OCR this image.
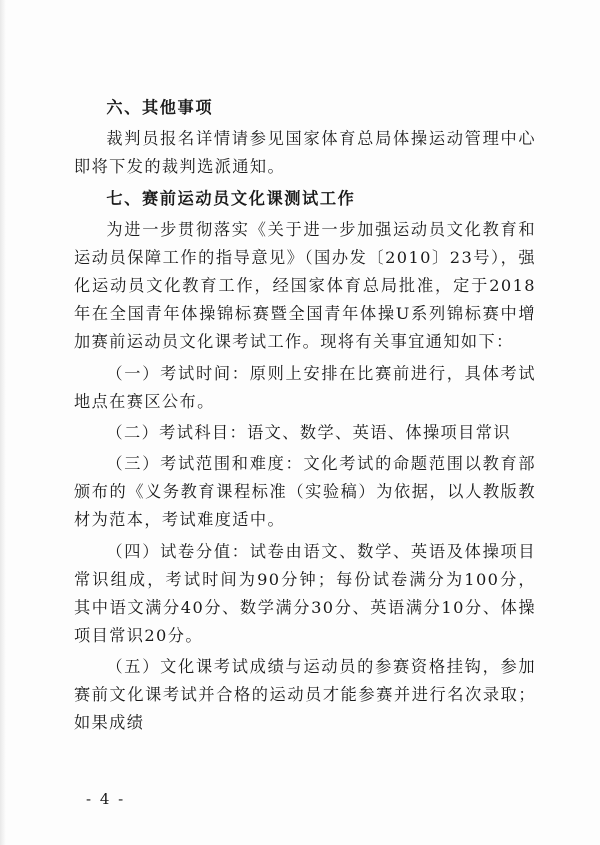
六、其他事项

裁判员报名详情请参见国家体育总局体操运动管理中心即将下发的裁判选派通知。

七、赛前运动员文化课测试工作

为进一步贯彻落实《关于进一步加强运动员文化教育和运动员保障工作的指导意见》（国办发〔2010〕23号），强化运动员文化教育工作，经国家体育总局批准，定于2018年在全国青年体操锦标赛暨全国青年体操U系列锦标赛中增加赛前运动员文化课考试工作。现将有关事宜通知如下：

（一）考试时间：原则上安排在比赛前进行，具体考试地点在赛区公布。

（二）考试科目：语文、数学、英语、体操项目常识

（三）考试范围和难度：文化考试的命题范围以教育部颁布的《义务教育课程标准（实验稿）为依据，以人教版教材为范本，考试难度适中。

（四）试卷分值：试卷由语文、数学、英语及体操项目常识组成，考试时间为90分钟；每份试卷满分为100分，其中语文满分40分、数学满分30分、英语满分10分、体操项目常识20分。

（五）文化课考试成绩与运动员的参赛资格挂钩，参加赛前文化课考试并合格的运动员才能参赛并进行名次录取；如果成绩

- 4 -
